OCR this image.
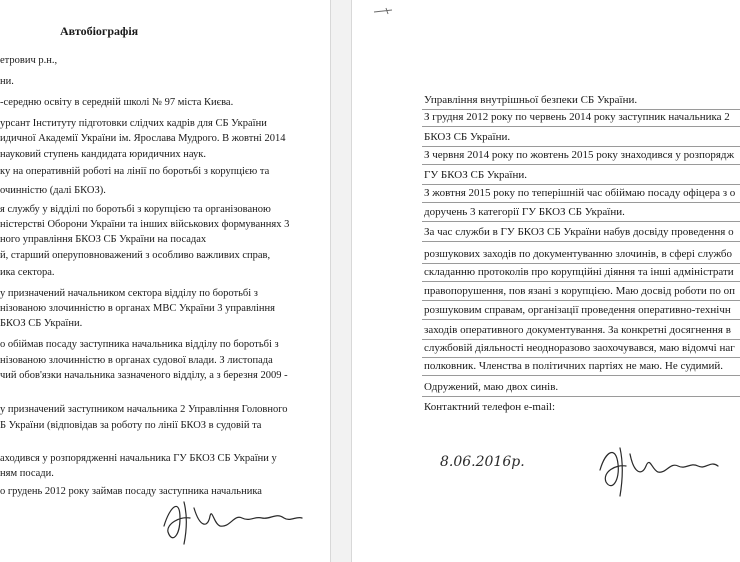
Автобіографія
етрович р.н.,
ни.
-середню освіту в середній школі № 97 міста Києва.
урсант Інституту підготовки слідчих кадрів для СБ України
идичної Академії України ім. Ярослава Мудрого. В жовтні 2014
науковий ступень кандидата юридичних наук.
ку на оперативній роботі на лінії по боротьбі з корупцією та
очинністю (далі БКОЗ).
я службу у відділі по боротьбі з корупцією та організованою
ністерстві Оборони України та інших військових формуваннях 3
ного управління БКОЗ СБ України на посадах
й, старший оперуповноважений з особливо важливих справ,
ика сектора.
у призначений начальником сектора відділу по боротьбі з
нізованою злочинністю в органах МВС України 3 управління
БКОЗ СБ України.
о обіймав посаду заступника начальника відділу по боротьбі з
нізованою злочинністю в органах судової влади. З листопада
чий обов'язки начальника зазначеного відділу, а з березня 2009 -
у призначений заступником начальника 2 Управління Головного
Б України (відповідав за роботу по лінії БКОЗ в судовій та
аходився у розпорядженні начальника ГУ БКОЗ СБ України у
ням посади.
о грудень 2012 року займав посаду заступника начальника
Управління внутрішньої безпеки СБ України.
З грудня 2012 року по червень 2014 року заступник начальника 2
БКОЗ СБ України.
З червня 2014 року по жовтень 2015 року знаходився у розпорядж
ГУ БКОЗ СБ України.
З жовтня 2015 року по теперішній час обіймаю посаду офіцера з о
доручень 3 категорії ГУ БКОЗ СБ України.
За час служби в ГУ БКОЗ СБ України набув досвіду проведення о
розшукових заходів по документуванню злочинів, в сфері службо
складанню протоколів про корупційні діяння та інші адміністрати
правопорушення, пов язані з корупцією. Маю досвід роботи по оп
розшуковим справам, організації проведення оперативно-технічн
заходів оперативного документування. За конкретні досягнення в
службовій діяльності неодноразово заохочувався, маю відомчі наг
полковник. Членства в політичних партіях не маю. Не судимий.
Одружений, маю двох синів.
Контактний телефон e-mail:
8.06.2016р.
